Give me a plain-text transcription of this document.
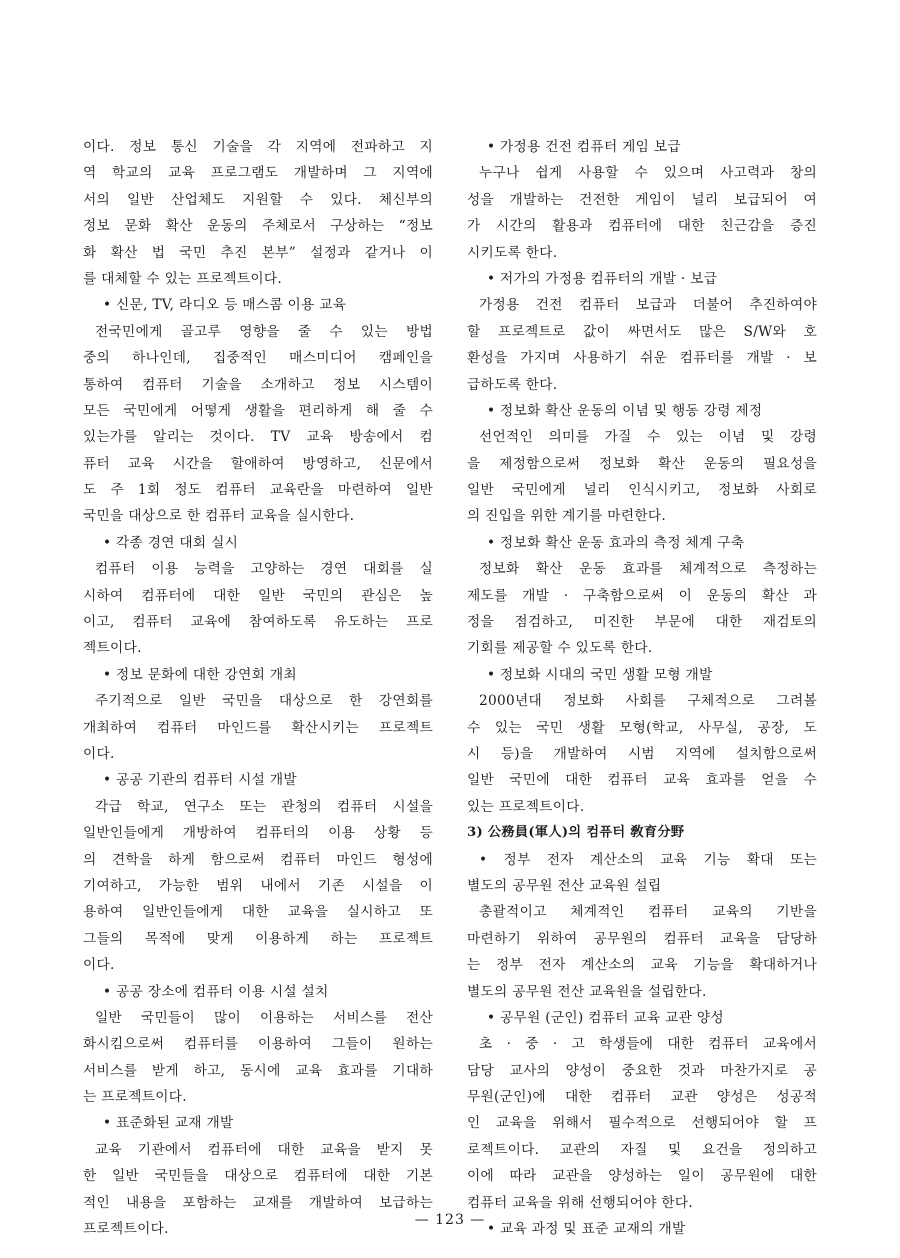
이다. 정보 통신 기술을 각 지역에 전파하고 지
역 학교의 교육 프로그램도 개발하며 그 지역에
서의 일반 산업체도 지원할 수 있다. 체신부의
정보 문화 확산 운동의 주체로서 구상하는 “정보
화 확산 법 국민 추진 본부” 설정과 같거나 이
를 대체할 수 있는 프로젝트이다.
• 신문, TV, 라디오 등 매스콤 이용 교육
전국민에게 골고루 영향을 줄 수 있는 방법
중의 하나인데, 집중적인 매스미디어 캠페인을
통하여 컴퓨터 기술을 소개하고 정보 시스템이
모든 국민에게 어떻게 생활을 편리하게 해 줄 수
있는가를 알리는 것이다. TV 교육 방송에서 컴
퓨터 교육 시간을 할애하여 방영하고, 신문에서
도 주 1회 정도 컴퓨터 교육란을 마련하여 일반
국민을 대상으로 한 컴퓨터 교육을 실시한다.
• 각종 경연 대회 실시
컴퓨터 이용 능력을 고양하는 경연 대회를 실
시하여 컴퓨터에 대한 일반 국민의 관심은 높
이고, 컴퓨터 교육에 참여하도록 유도하는 프로
젝트이다.
• 정보 문화에 대한 강연회 개최
주기적으로 일반 국민을 대상으로 한 강연회를
개최하여 컴퓨터 마인드를 확산시키는 프로젝트
이다.
• 공공 기관의 컴퓨터 시설 개발
각급 학교, 연구소 또는 관청의 컴퓨터 시설을
일반인들에게 개방하여 컴퓨터의 이용 상황 등
의 견학을 하게 함으로써 컴퓨터 마인드 형성에
기여하고, 가능한 범위 내에서 기존 시설을 이
용하여 일반인들에게 대한 교육을 실시하고 또
그들의 목적에 맞게 이용하게 하는 프로젝트
이다.
• 공공 장소에 컴퓨터 이용 시설 설치
일반 국민들이 많이 이용하는 서비스를 전산
화시킴으로써 컴퓨터를 이용하여 그들이 원하는
서비스를 받게 하고, 동시에 교육 효과를 기대하
는 프로젝트이다.
• 표준화된 교재 개발
교육 기관에서 컴퓨터에 대한 교육을 받지 못
한 일반 국민들을 대상으로 컴퓨터에 대한 기본
적인 내용을 포함하는 교재를 개발하여 보급하는
프로젝트이다.
• 가정용 건전 컴퓨터 게임 보급
누구나 쉽게 사용할 수 있으며 사고력과 창의
성을 개발하는 건전한 게임이 널리 보급되어 여
가 시간의 활용과 컴퓨터에 대한 친근감을 증진
시키도록 한다.
• 저가의 가정용 컴퓨터의 개발 · 보급
가정용 건전 컴퓨터 보급과 더불어 추진하여야
할 프로젝트로 값이 싸면서도 많은 S/W와 호
환성을 가지며 사용하기 쉬운 컴퓨터를 개발 · 보
급하도록 한다.
• 정보화 확산 운동의 이념 및 행동 강령 제정
선언적인 의미를 가질 수 있는 이념 및 강령
을 제정함으로써 정보화 확산 운동의 필요성을
일반 국민에게 널리 인식시키고, 정보화 사회로
의 진입을 위한 계기를 마련한다.
• 정보화 확산 운동 효과의 측정 체계 구축
정보화 확산 운동 효과를 체계적으로 측정하는
제도를 개발 · 구축함으로써 이 운동의 확산 과
정을 점검하고, 미진한 부문에 대한 재검토의
기회를 제공할 수 있도록 한다.
• 정보화 시대의 국민 생활 모형 개발
2000년대 정보화 사회를 구체적으로 그려볼
수 있는 국민 생활 모형(학교, 사무실, 공장, 도
시 등)을 개발하여 시범 지역에 설치함으로써
일반 국민에 대한 컴퓨터 교육 효과를 얻을 수
있는 프로젝트이다.
3) 公務員(軍人)의 컴퓨터 敎育分野
• 정부 전자 계산소의 교육 기능 확대 또는
별도의 공무원 전산 교육원 설립
총괄적이고 체계적인 컴퓨터 교육의 기반을
마련하기 위하여 공무원의 컴퓨터 교육을 담당하
는 정부 전자 계산소의 교육 기능을 확대하거나
별도의 공무원 전산 교육원을 설립한다.
• 공무원 (군인) 컴퓨터 교육 교관 양성
초 · 중 · 고 학생들에 대한 컴퓨터 교육에서
담당 교사의 양성이 중요한 것과 마찬가지로 공
무원(군인)에 대한 컴퓨터 교관 양성은 성공적
인 교육을 위해서 필수적으로 선행되어야 할 프
로젝트이다. 교관의 자질 및 요건을 정의하고
이에 따라 교관을 양성하는 일이 공무원에 대한
컴퓨터 교육을 위해 선행되어야 한다.
• 교육 과정 및 표준 교재의 개발
— 123 —
